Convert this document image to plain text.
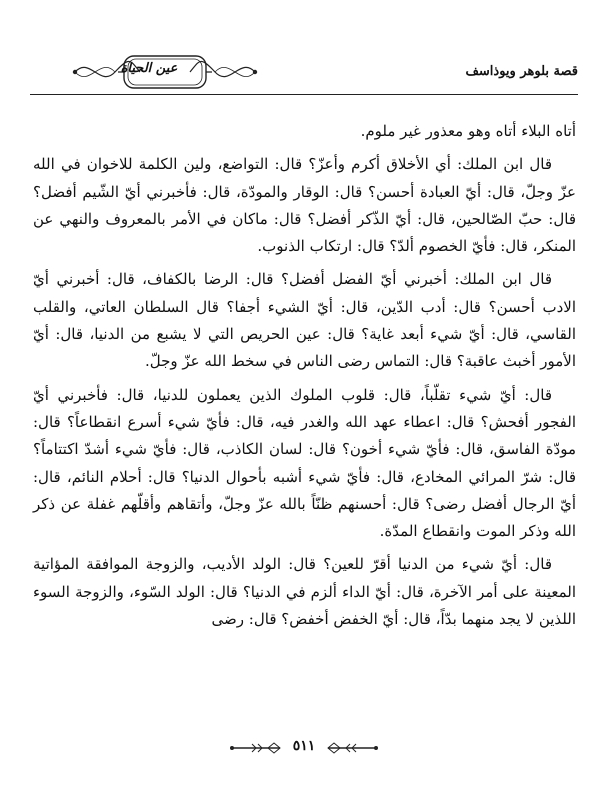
قصة بلوهر ويوذاسف
عين الحياة

أتاه البلاء أتاه وهو معذور غير ملوم.

قال ابن الملك: أي الأخلاق أكرم وأعزّ؟ قال: التواضع، ولين الكلمة للاخوان في الله عزّ وجلّ، قال: أيّ العبادة أحسن؟ قال: الوقار والمودّة، قال: فأخبرني أيّ الشّيم أفضل؟ قال: حبّ الصّالحين، قال: أيّ الذّكر أفضل؟ قال: ماكان في الأمر بالمعروف والنهي عن المنكر، قال: فأيّ الخصوم ألدّ؟ قال: ارتكاب الذنوب.

قال ابن الملك: أخبرني أيّ الفضل أفضل؟ قال: الرضا بالكفاف، قال: أخبرني أيّ الادب أحسن؟ قال: أدب الدّين، قال: أيّ الشيء أجفا؟ قال السلطان العاتي، والقلب القاسي، قال: أيّ شيء أبعد غاية؟ قال: عين الحريص التي لا يشبع من الدنيا، قال: أيّ الأمور أخبث عاقبة؟ قال: التماس رضى الناس في سخط الله عزّ وجلّ.

قال: أيّ شيء تقلّباً، قال: قلوب الملوك الذين يعملون للدنيا، قال: فأخبرني أيّ الفجور أفحش؟ قال: اعطاء عهد الله والغدر فيه، قال: فأيّ شيء أسرع انقطاعاً؟ قال: مودّة الفاسق، قال: فأيّ شيء أخون؟ قال: لسان الكاذب، قال: فأيّ شيء أشدّ اكتتاماً؟ قال: شرّ المرائي المخادع، قال: فأيّ شيء أشبه بأحوال الدنيا؟ قال: أحلام النائم، قال: أيّ الرجال أفضل رضى؟ قال: أحسنهم ظنّاً بالله عزّ وجلّ، وأتقاهم وأقلّهم غفلة عن ذكر الله وذكر الموت وانقطاع المدّة.

قال: أيّ شيء من الدنيا أقرّ للعين؟ قال: الولد الأديب، والزوجة الموافقة المؤاتية المعينة على أمر الآخرة، قال: أيّ الداء ألزم في الدنيا؟ قال: الولد السّوء، والزوجة السوء اللذين لا يجد منهما بدّاً، قال: أيّ الخفض أخفض؟ قال: رضى

٥١١
